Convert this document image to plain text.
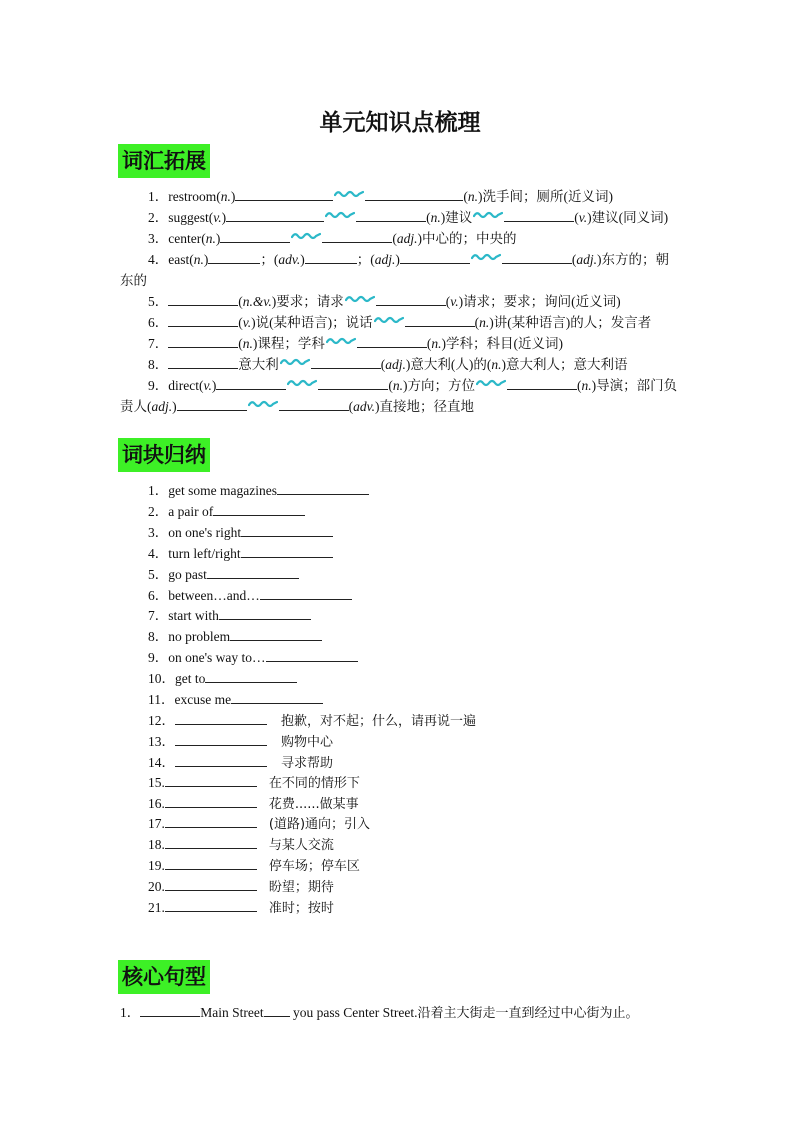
单元知识点梳理
词汇拓展
1．restroom(n.)	(n.)洗手间；厕所(近义词)
2．suggest(v.)	(n.)建议	(v.)建议(同义词)
3．center(n.)	(adj.)中心的；中央的
4．east(n.)	；(adv.)	；(adj.)	(adj.)东方的；朝
东的
5．	(n.&v.)要求；请求	(v.)请求；要求；询问(近义词)
6．	(v.)说(某种语言)；说话	(n.)讲(某种语言)的人；发言者
7．	(n.)课程；学科	(n.)学科；科目(近义词)
8．	意大利	(adj.)意大利(人)的(n.)意大利人；意大利语
9．direct(v.)	(n.)方向；方位	(n.)导演；部门负
责人(adj.)	(adv.)直接地；径直地
词块归纳
1．get some magazines
2．a pair of
3．on one's right
4．turn left/right
5．go past
6．between…and…
7．start with
8．no problem
9．on one's way to…
10．get to
11．excuse me
12．	抱歉，对不起；什么，请再说一遍
13．	购物中心
14．	寻求帮助
15.	在不同的情形下
16.	花费......做某事
17.	(道路)通向；引入
18.	与某人交流
19.	停车场；停车区
20.	盼望；期待
21.	准时；按时
核心句型
1．	Main Street you pass Center Street.沿着主大街走一直到经过中心街为止。
